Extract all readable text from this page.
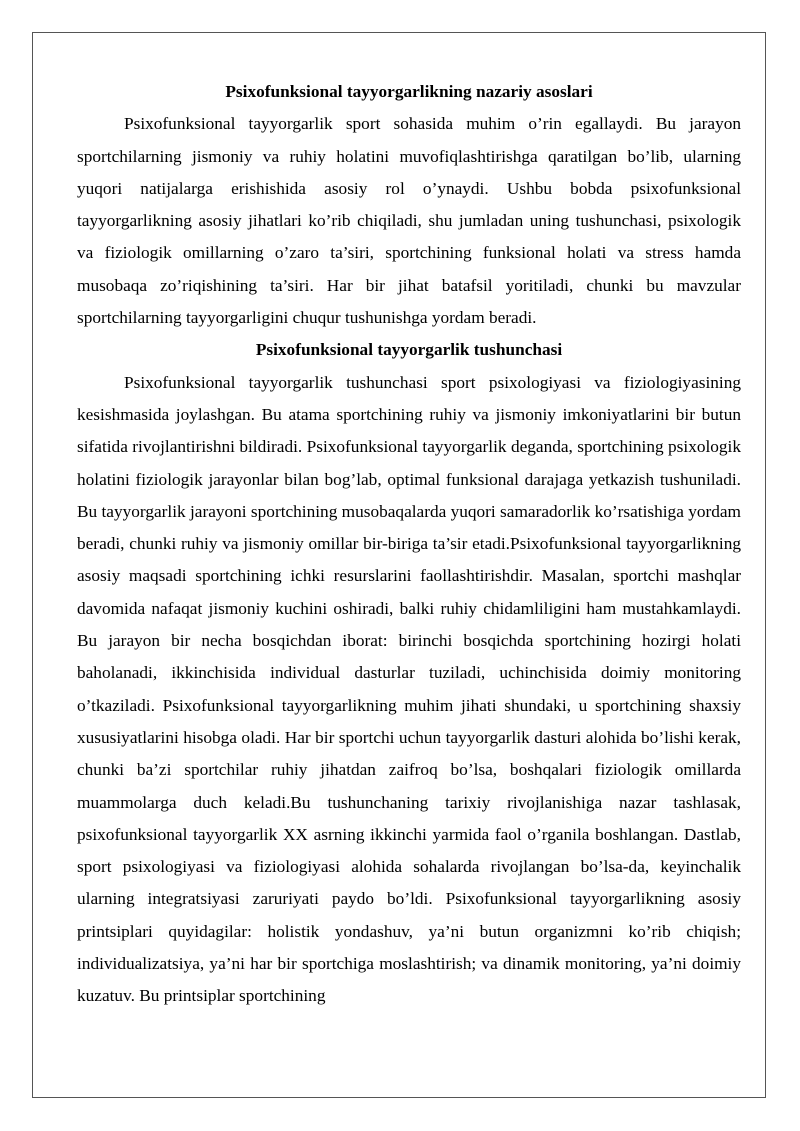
Psixofunksional tayyorgarlikning nazariy asoslari

Psixofunksional tayyorgarlik sport sohasida muhim o’rin egallaydi. Bu jarayon sportchilarning jismoniy va ruhiy holatini muvofiqlashtirishga qaratilgan bo’lib, ularning yuqori natijalarga erishishida asosiy rol o’ynaydi. Ushbu bobda psixofunksional tayyorgarlikning asosiy jihatlari ko’rib chiqiladi, shu jumladan uning tushunchasi, psixologik va fiziologik omillarning o’zaro ta’siri, sportchining funksional holati va stress hamda musobaqa zo’riqishining ta’siri. Har bir jihat batafsil yoritiladi, chunki bu mavzular sportchilarning tayyorgarligini chuqur tushunishga yordam beradi.

Psixofunksional tayyorgarlik tushunchasi

Psixofunksional tayyorgarlik tushunchasi sport psixologiyasi va fiziologiyasining kesishmasida joylashgan. Bu atama sportchining ruhiy va jismoniy imkoniyatlarini bir butun sifatida rivojlantirishni bildiradi. Psixofunksional tayyorgarlik deganda, sportchining psixologik holatini fiziologik jarayonlar bilan bog’lab, optimal funksional darajaga yetkazish tushuniladi. Bu tayyorgarlik jarayoni sportchining musobaqalarda yuqori samaradorlik ko’rsatishiga yordam beradi, chunki ruhiy va jismoniy omillar bir-biriga ta’sir etadi.Psixofunksional tayyorgarlikning asosiy maqsadi sportchining ichki resurslarini faollashtirishdir. Masalan, sportchi mashqlar davomida nafaqat jismoniy kuchini oshiradi, balki ruhiy chidamliligini ham mustahkamlaydi. Bu jarayon bir necha bosqichdan iborat: birinchi bosqichda sportchining hozirgi holati baholanadi, ikkinchisida individual dasturlar tuziladi, uchinchisida doimiy monitoring o’tkaziladi. Psixofunksional tayyorgarlikning muhim jihati shundaki, u sportchining shaxsiy xususiyatlarini hisobga oladi. Har bir sportchi uchun tayyorgarlik dasturi alohida bo’lishi kerak, chunki ba’zi sportchilar ruhiy jihatdan zaifroq bo’lsa, boshqalari fiziologik omillarda muammolarga duch keladi.Bu tushunchaning tarixiy rivojlanishiga nazar tashlasak, psixofunksional tayyorgarlik XX asrning ikkinchi yarmida faol o’rganila boshlangan. Dastlab, sport psixologiyasi va fiziologiyasi alohida sohalarda rivojlangan bo’lsa-da, keyinchalik ularning integratsiyasi zaruriyati paydo bo’ldi. Psixofunksional tayyorgarlikning asosiy printsiplari quyidagilar: holistik yondashuv, ya’ni butun organizmni ko’rib chiqish; individualizatsiya, ya’ni har bir sportchiga moslashtirish; va dinamik monitoring, ya’ni doimiy kuzatuv. Bu printsiplar sportchining
